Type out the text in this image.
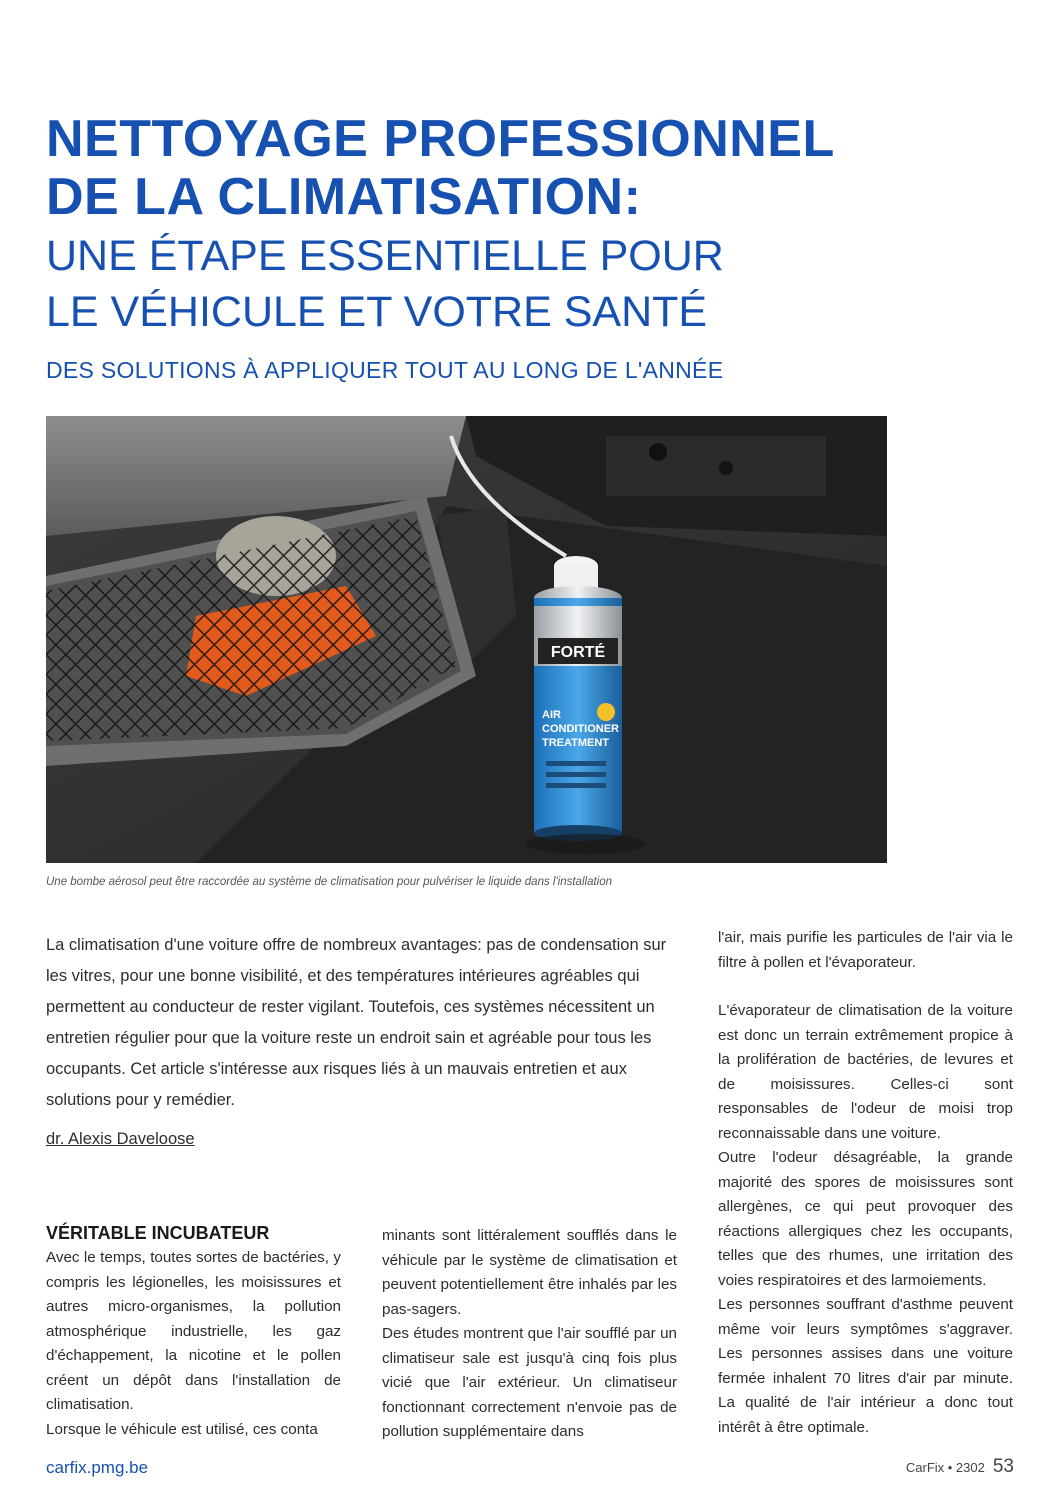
NETTOYAGE PROFESSIONNEL
DE LA CLIMATISATION:
UNE ÉTAPE ESSENTIELLE POUR
LE VÉHICULE ET VOTRE SANTÉ
DES SOLUTIONS À APPLIQUER TOUT AU LONG DE L'ANNÉE
FORTÉ
AIR
CONDITIONER
TREATMENT
Une bombe aérosol peut être raccordée au système de climatisation pour pulvériser le liquide dans l'installation

La climatisation d'une voiture offre de nombreux avantages: pas de condensation sur les vitres, pour une bonne visibilité, et des températures intérieures agréables qui permettent au conducteur de rester vigilant. Toutefois, ces systèmes nécessitent un entretien régulier pour que la voiture reste un endroit sain et agréable pour tous les occupants. Cet article s'intéresse aux risques liés à un mauvais entretien et aux solutions pour y remédier.

dr. Alexis Daveloose
VÉRITABLE INCUBATEUR

Avec le temps, toutes sortes de bactéries, y compris les légionelles, les moisissures et autres micro-organismes, la pollution atmosphérique industrielle, les gaz d'échappement, la nicotine et le pollen créent un dépôt dans l'installation de climatisation.

Lorsque le véhicule est utilisé, ces conta

minants sont littéralement soufflés dans le véhicule par le système de climatisation et peuvent potentiellement être inhalés par les pas-sagers.

Des études montrent que l'air soufflé par un climatiseur sale est jusqu'à cinq fois plus vicié que l'air extérieur. Un climatiseur fonctionnant correctement n'envoie pas de pollution supplémentaire dans

l'air, mais purifie les particules de l'air via le filtre à pollen et l'évaporateur.

L'évaporateur de climatisation de la voiture est donc un terrain extrêmement propice à la prolifération de bactéries, de levures et de moisissures. Celles-ci sont responsables de l'odeur de moisi trop reconnaissable dans une voiture.

Outre l'odeur désagréable, la grande majorité des spores de moisissures sont allergènes, ce qui peut provoquer des réactions allergiques chez les occupants, telles que des rhumes, une irritation des voies respiratoires et des larmoiements.

Les personnes souffrant d'asthme peuvent même voir leurs symptômes s'aggraver. Les personnes assises dans une voiture fermée inhalent 70 litres d'air par minute. La qualité de l'air intérieur a donc tout intérêt à être optimale.

carfix.pmg.be	CarFix • 2302 53
